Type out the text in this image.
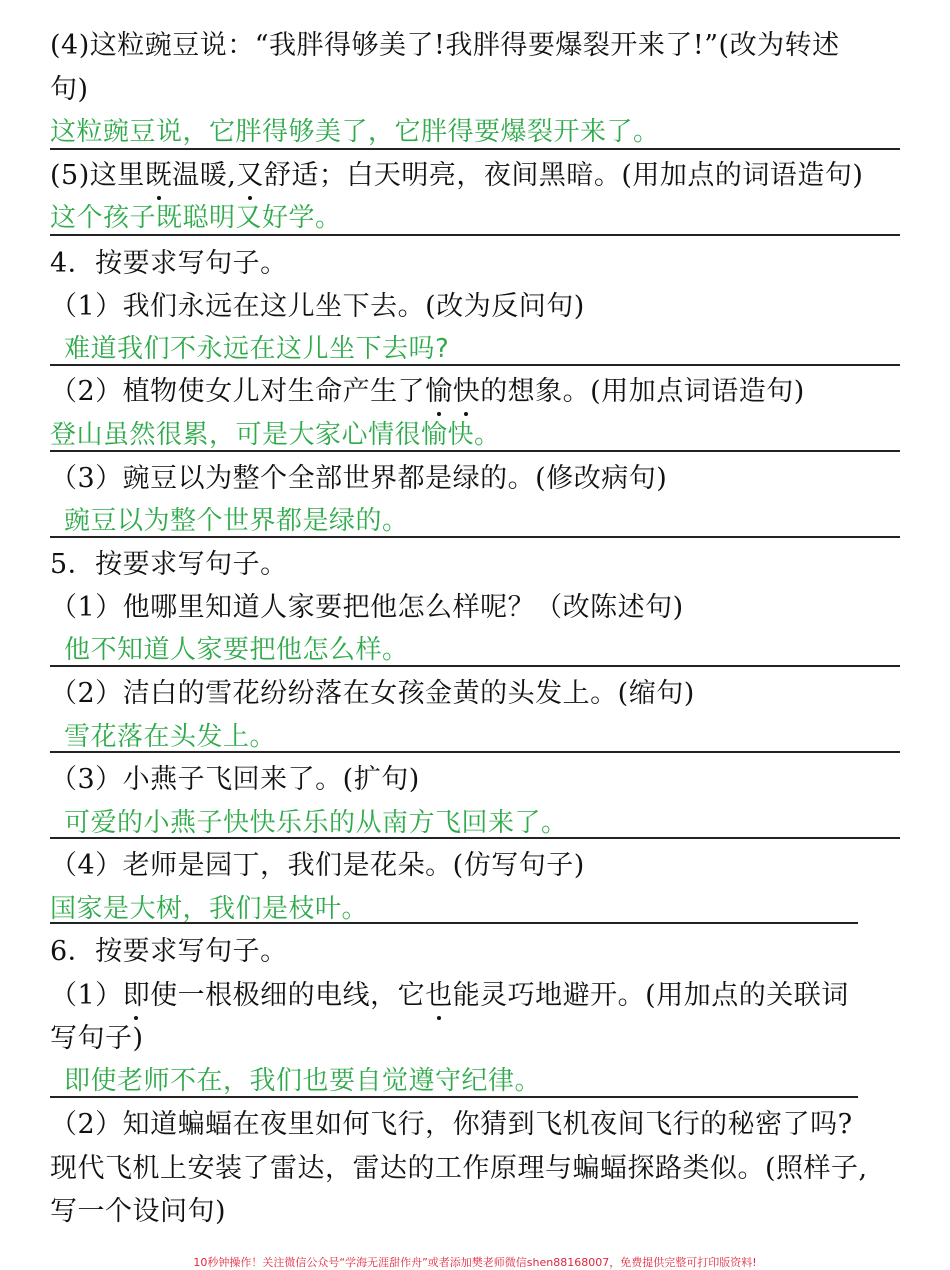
(4)这粒豌豆说：“我胖得够美了!我胖得要爆裂开来了!”(改为转述
句)
这粒豌豆说，它胖得够美了，它胖得要爆裂开来了。
(5)这里既温暖,又舒适；白天明亮，夜间黑暗。(用加点的词语造句)
这个孩子既聪明又好学。
4．按要求写句子。
（1）我们永远在这儿坐下去。(改为反问句)
难道我们不永远在这儿坐下去吗?
（2）植物使女儿对生命产生了愉快的想象。(用加点词语造句)
登山虽然很累，可是大家心情很愉快。
（3）豌豆以为整个全部世界都是绿的。(修改病句)
豌豆以为整个世界都是绿的。
5．按要求写句子。
（1）他哪里知道人家要把他怎么样呢？（改陈述句)
他不知道人家要把他怎么样。
（2）洁白的雪花纷纷落在女孩金黄的头发上。(缩句)
雪花落在头发上。
（3）小燕子飞回来了。(扩句)
可爱的小燕子快快乐乐的从南方飞回来了。
（4）老师是园丁，我们是花朵。(仿写句子)
国家是大树，我们是枝叶。
6．按要求写句子。
（1）即使一根极细的电线，它也能灵巧地避开。(用加点的关联词
写句子)
即使老师不在，我们也要自觉遵守纪律。
（2）知道蝙蝠在夜里如何飞行，你猜到飞机夜间飞行的秘密了吗?
现代飞机上安装了雷达，雷达的工作原理与蝙蝠探路类似。(照样子,
写一个设问句)
10秒钟操作！关注微信公众号“学海无涯甜作舟”或者添加樊老师微信shen88168007，免费提供完整可打印版资料!
